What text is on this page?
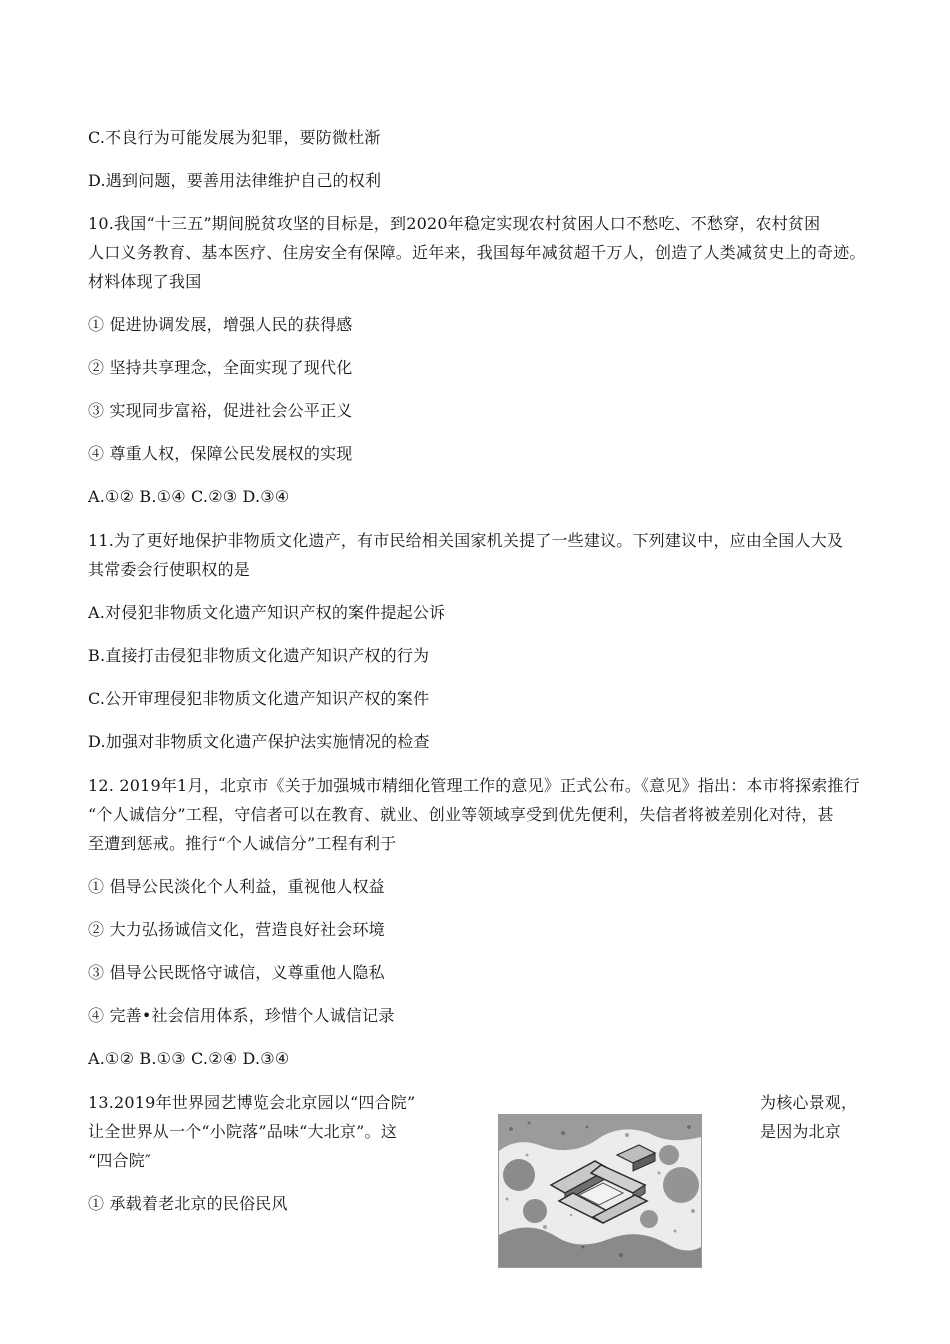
C.不良行为可能发展为犯罪，要防微杜渐
D.遇到问题，要善用法律维护自己的权利
10.我国“十三五”期间脱贫攻坚的目标是，到2020年稳定实现农村贫困人口不愁吃、不愁穿，农村贫困
人口义务教育、基本医疗、住房安全有保障。近年来，我国每年减贫超千万人，创造了人类减贫史上的奇迹。
材料体现了我国
① 促进协调发展，增强人民的获得感
② 坚持共享理念，全面实现了现代化
③ 实现同步富裕，促进社会公平正义
④ 尊重人权，保障公民发展权的实现
A.①② B.①④ C.②③ D.③④
11.为了更好地保护非物质文化遗产，有市民给相关国家机关提了一些建议。下列建议中，应由全国人大及
其常委会行使职权的是
A.对侵犯非物质文化遗产知识产权的案件提起公诉
B.直接打击侵犯非物质文化遗产知识产权的行为
C.公开审理侵犯非物质文化遗产知识产权的案件
D.加强对非物质文化遗产保护法实施情况的检查
12. 2019年1月，北京市《关于加强城市精细化管理工作的意见》正式公布。《意见》指出：本市将探索推行
“个人诚信分”工程，守信者可以在教育、就业、创业等领域享受到优先便利，失信者将被差别化对待，甚
至遭到惩戒。推行“个人诚信分”工程有利于
① 倡导公民淡化个人利益，重视他人权益
② 大力弘扬诚信文化，营造良好社会环境
③ 倡导公民既恪守诚信，义尊重他人隐私
④ 完善•社会信用体系，珍惜个人诚信记录
A.①② B.①③ C.②④ D.③④
13.2019年世界园艺博览会北京园以“四合院”
让全世界从一个“小院落”品味“大北京”。这
“四合院″
为核心景观，
是因为北京
① 承载着老北京的民俗民风
